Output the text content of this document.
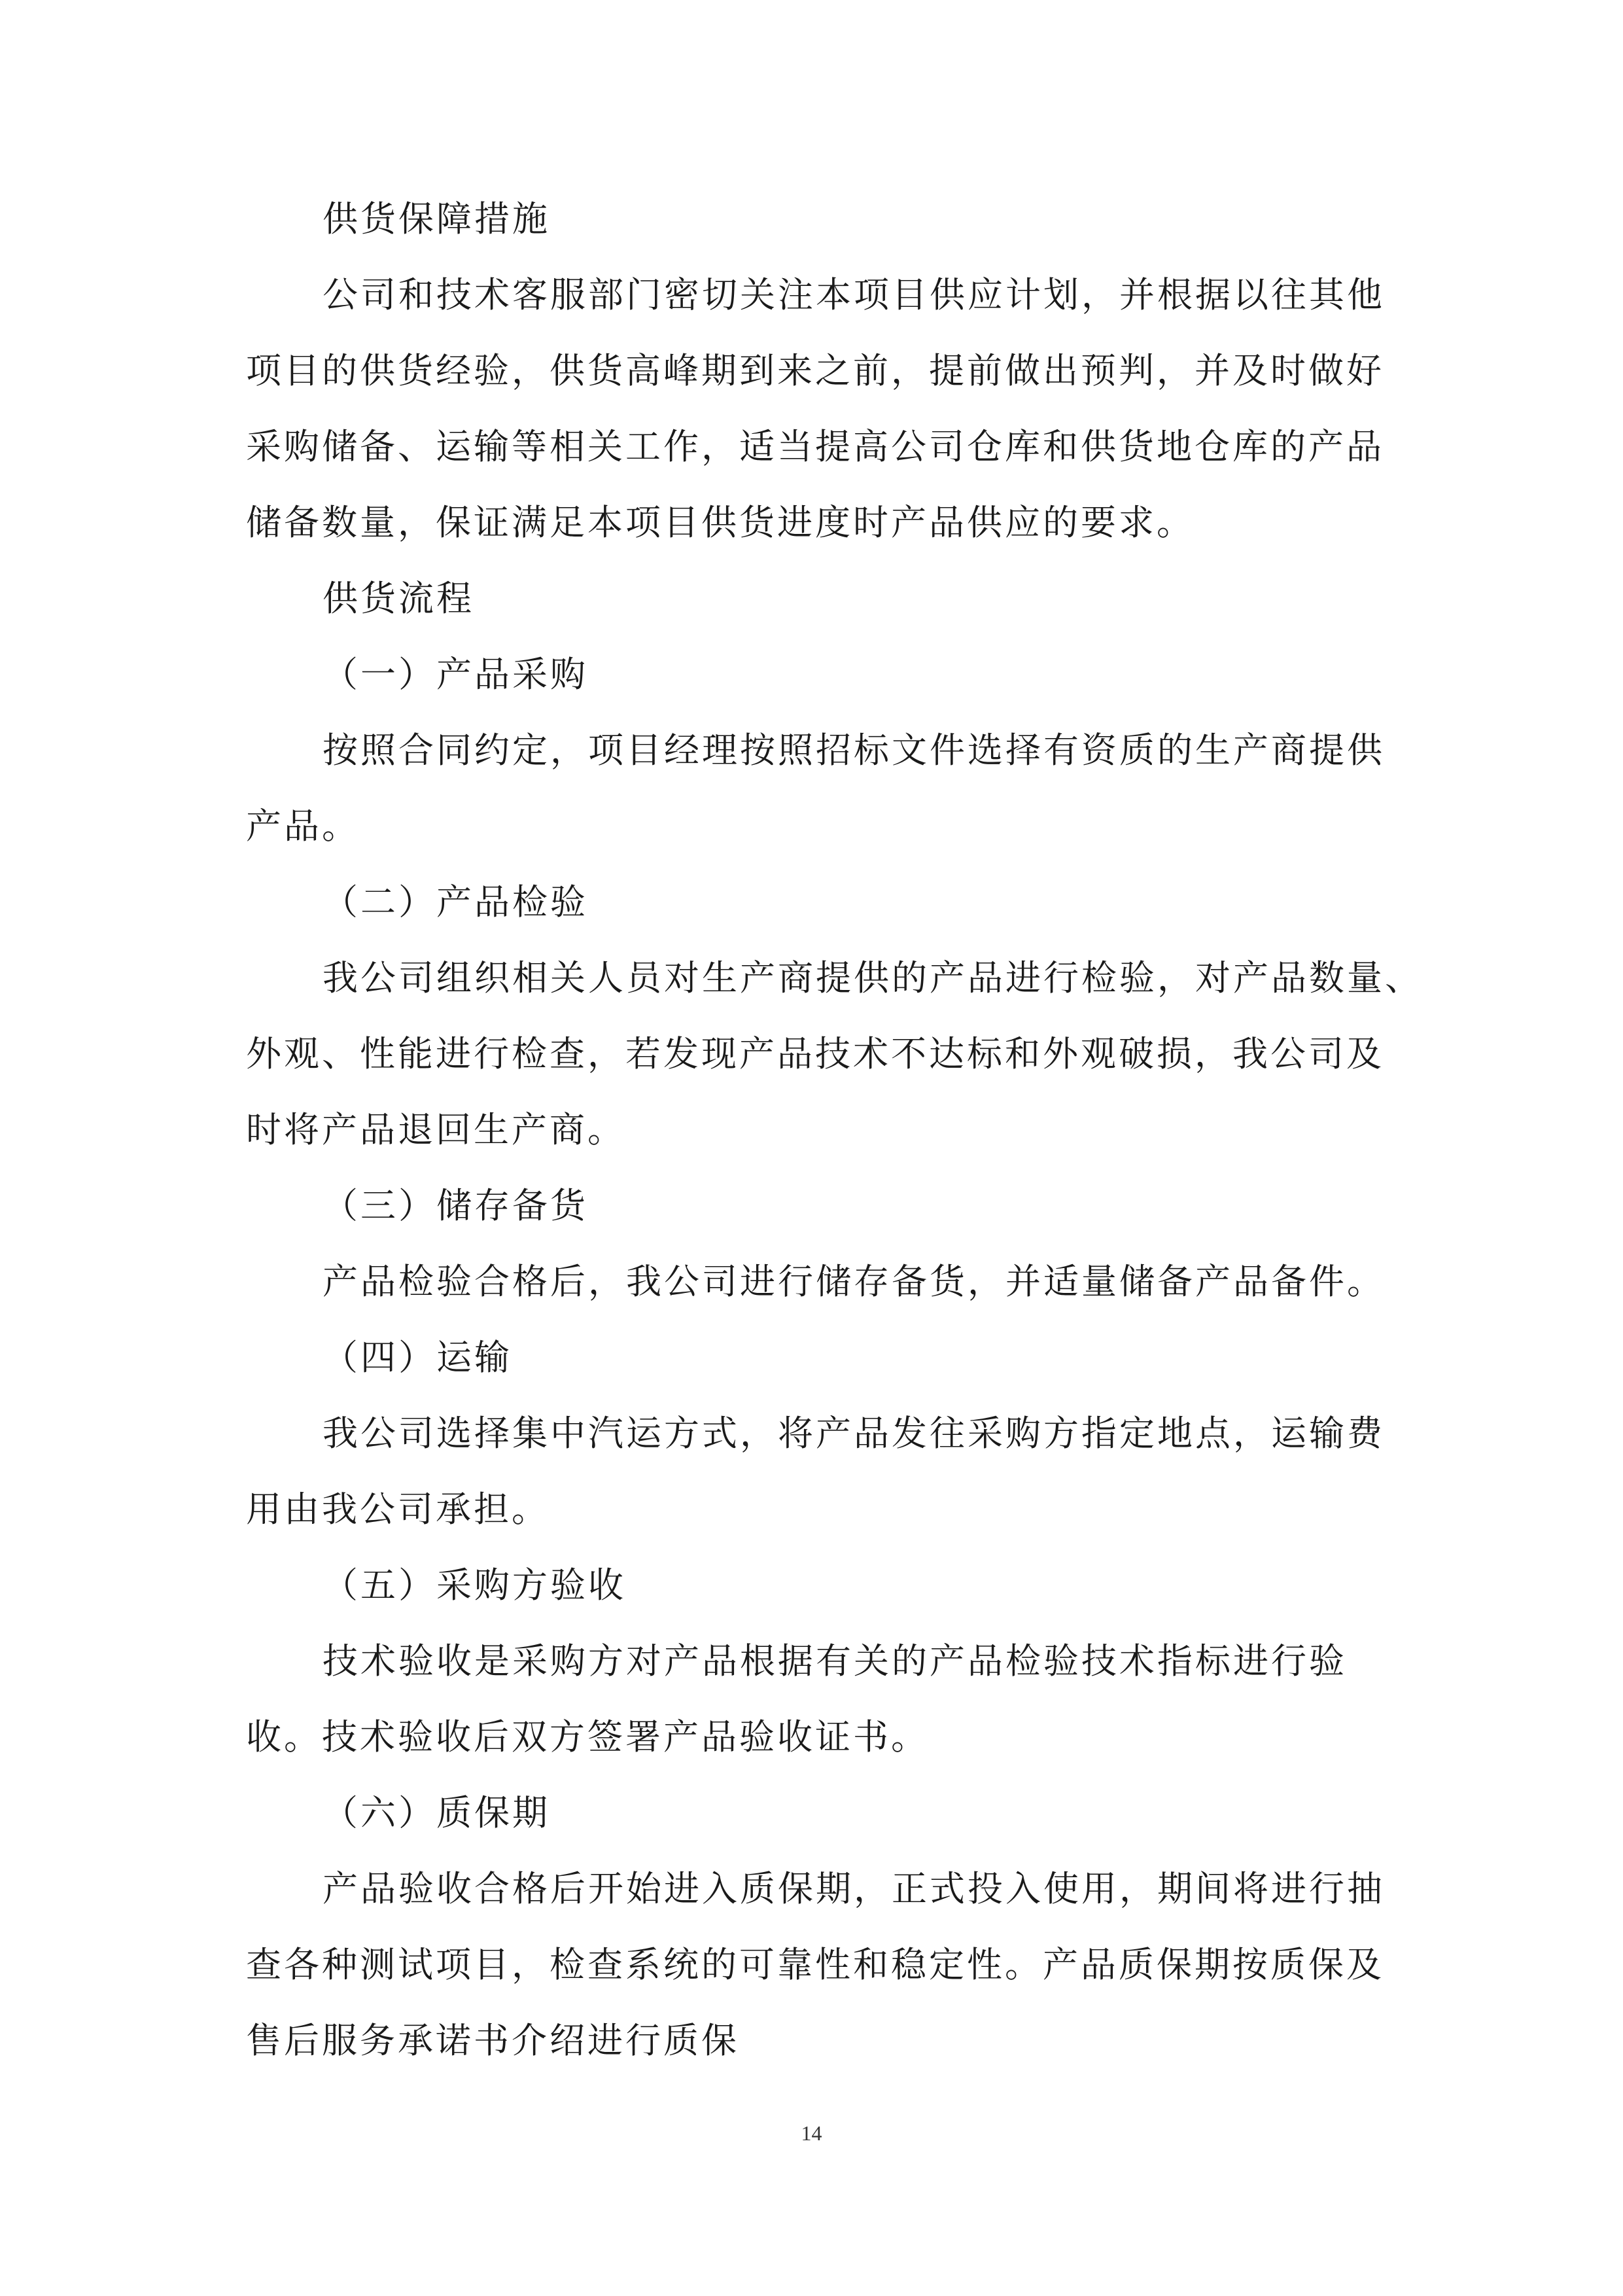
供货保障措施
公司和技术客服部门密切关注本项目供应计划，并根据以往其他
项目的供货经验，供货高峰期到来之前，提前做出预判，并及时做好
采购储备、运输等相关工作，适当提高公司仓库和供货地仓库的产品
储备数量，保证满足本项目供货进度时产品供应的要求。
供货流程
（一）产品采购
按照合同约定，项目经理按照招标文件选择有资质的生产商提供
产品。
（二）产品检验
我公司组织相关人员对生产商提供的产品进行检验，对产品数量、
外观、性能进行检查，若发现产品技术不达标和外观破损，我公司及
时将产品退回生产商。
（三）储存备货
产品检验合格后，我公司进行储存备货，并适量储备产品备件。
（四）运输
我公司选择集中汽运方式，将产品发往采购方指定地点，运输费
用由我公司承担。
（五）采购方验收
技术验收是采购方对产品根据有关的产品检验技术指标进行验
收。技术验收后双方签署产品验收证书。
（六）质保期
产品验收合格后开始进入质保期，正式投入使用，期间将进行抽
查各种测试项目，检查系统的可靠性和稳定性。产品质保期按质保及
售后服务承诺书介绍进行质保
14
